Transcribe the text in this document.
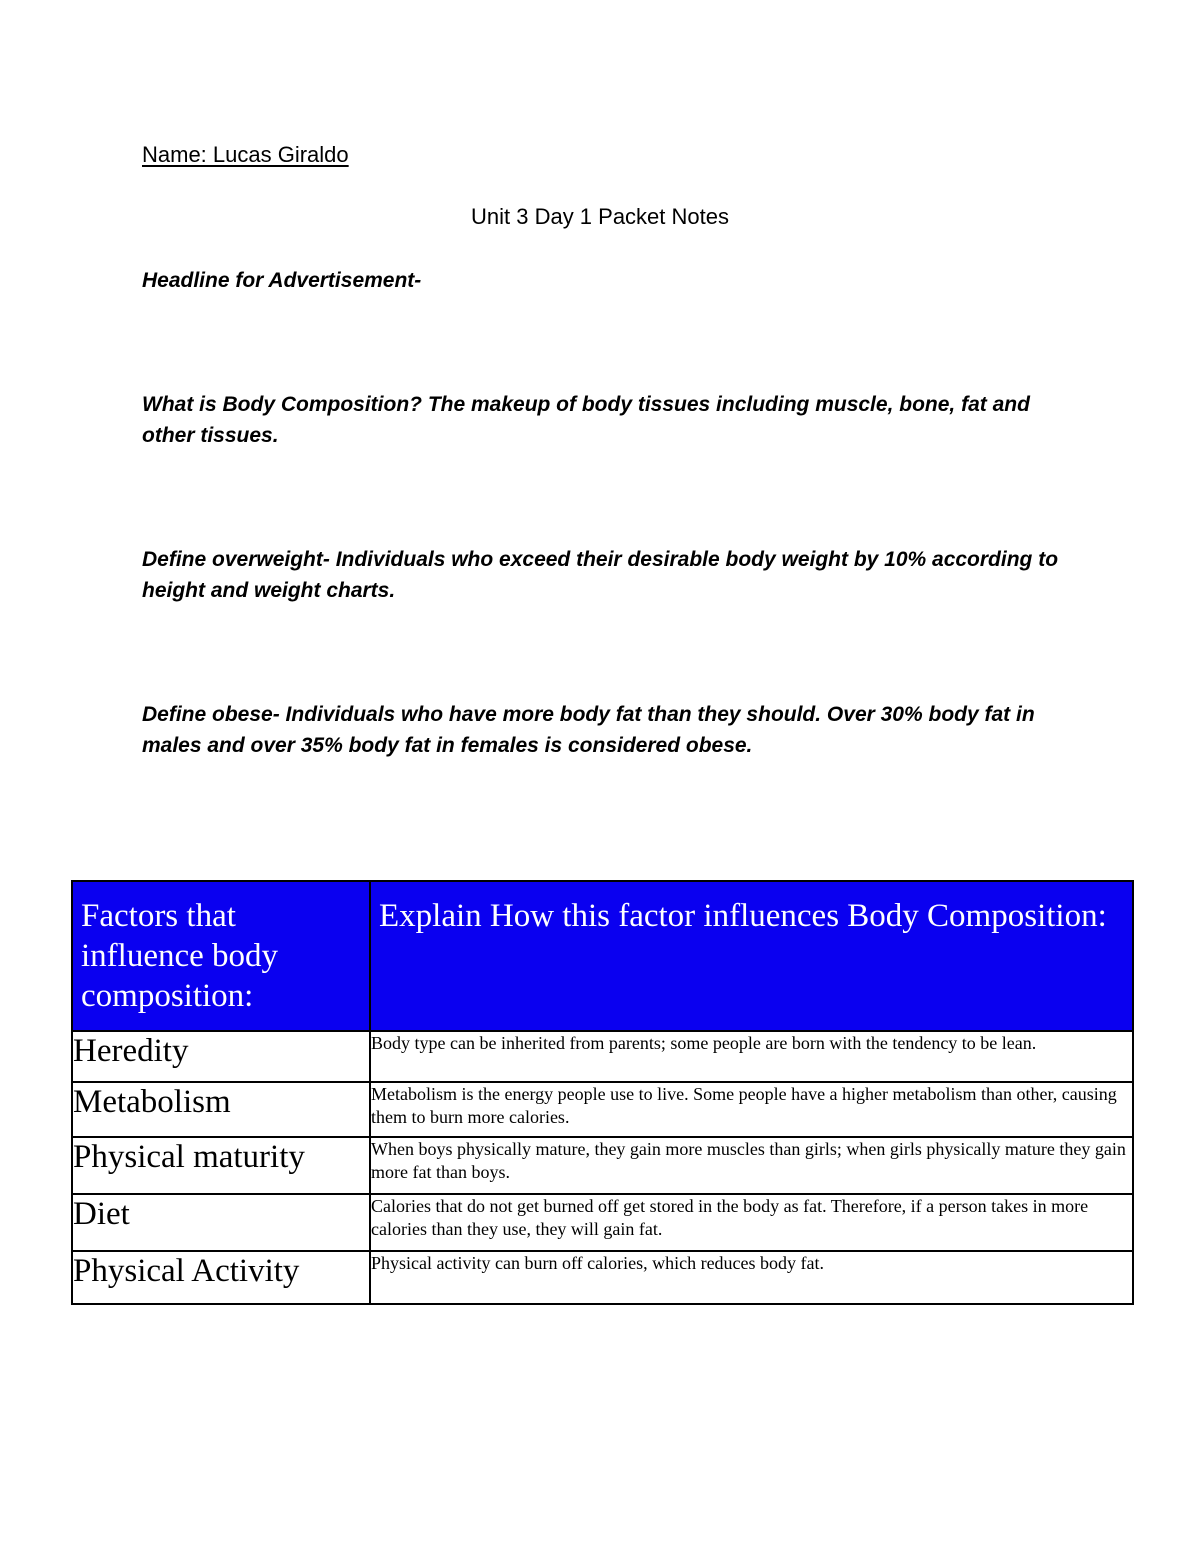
Name: Lucas Giraldo
Unit 3 Day 1 Packet Notes
Headline for Advertisement-
What is Body Composition? The makeup of body tissues including muscle, bone, fat and other tissues.
Define overweight- Individuals who exceed their desirable body weight by 10% according to height and weight charts.
Define obese- Individuals who have more body fat than they should. Over 30% body fat in males and over 35% body fat in females is considered obese.
Factors that influence body composition:	Explain How this factor influences Body Composition:
Heredity	Body type can be inherited from parents; some people are born with the tendency to be lean.
Metabolism	Metabolism is the energy people use to live. Some people have a higher metabolism than other, causing them to burn more calories.
Physical maturity	When boys physically mature, they gain more muscles than girls; when girls physically mature they gain more fat than boys.
Diet	Calories that do not get burned off get stored in the body as fat. Therefore, if a person takes in more calories than they use, they will gain fat.
Physical Activity	Physical activity can burn off calories, which reduces body fat.
